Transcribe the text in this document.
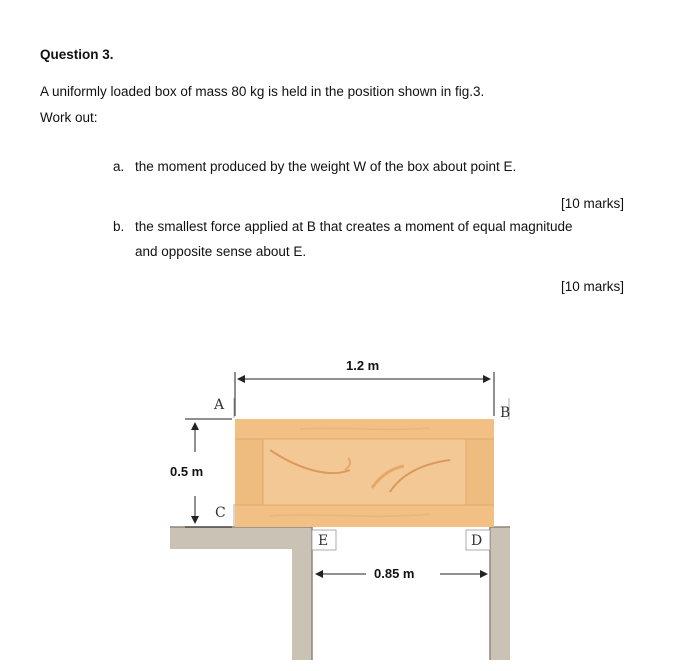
Question 3.
A uniformly loaded box of mass 80 kg is held in the position shown in fig.3.
Work out:
a. the moment produced by the weight W of the box about point E.
[10 marks]
b. the smallest force applied at B that creates a moment of equal magnitude
and opposite sense about E.
[10 marks]
1.2 m
0.5 m
0.85 m
A	B
C
D
E
